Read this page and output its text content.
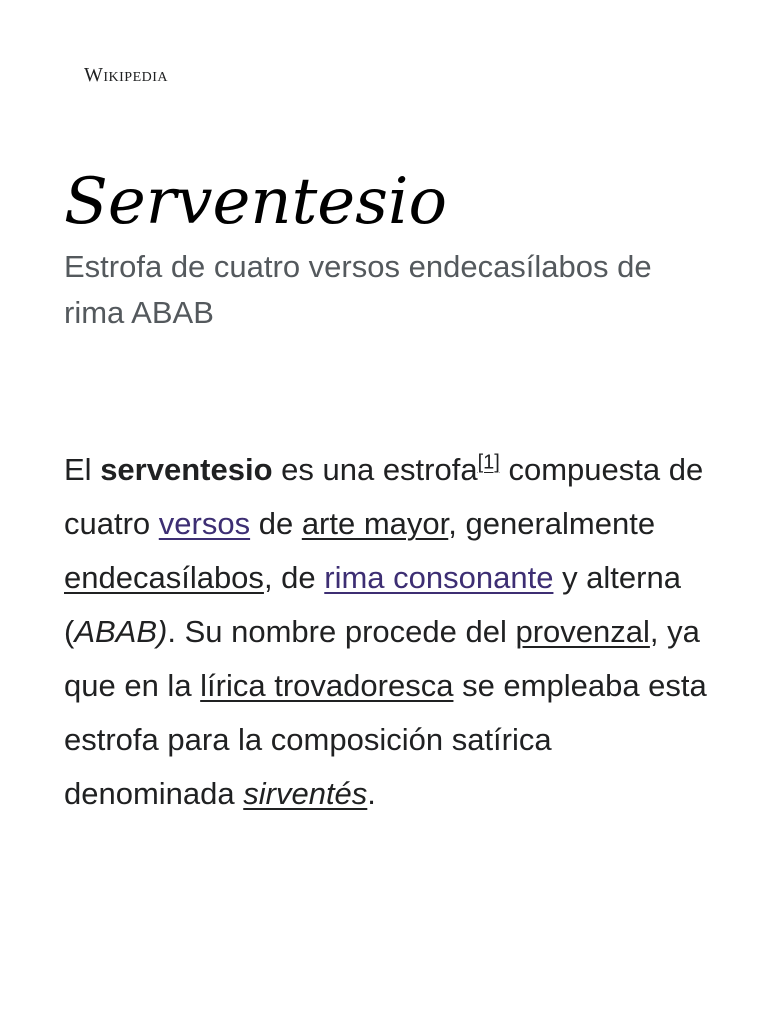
Wikipedia
Serventesio

Estrofa de cuatro versos endecasílabos de rima ABAB

El serventesio es una estrofa[1] compuesta de cuatro versos de arte mayor, generalmente endecasílabos, de rima consonante y alterna (ABAB). Su nombre procede del provenzal, ya que en la lírica trovadoresca se empleaba esta estrofa para la composición satírica denominada sirventés.
